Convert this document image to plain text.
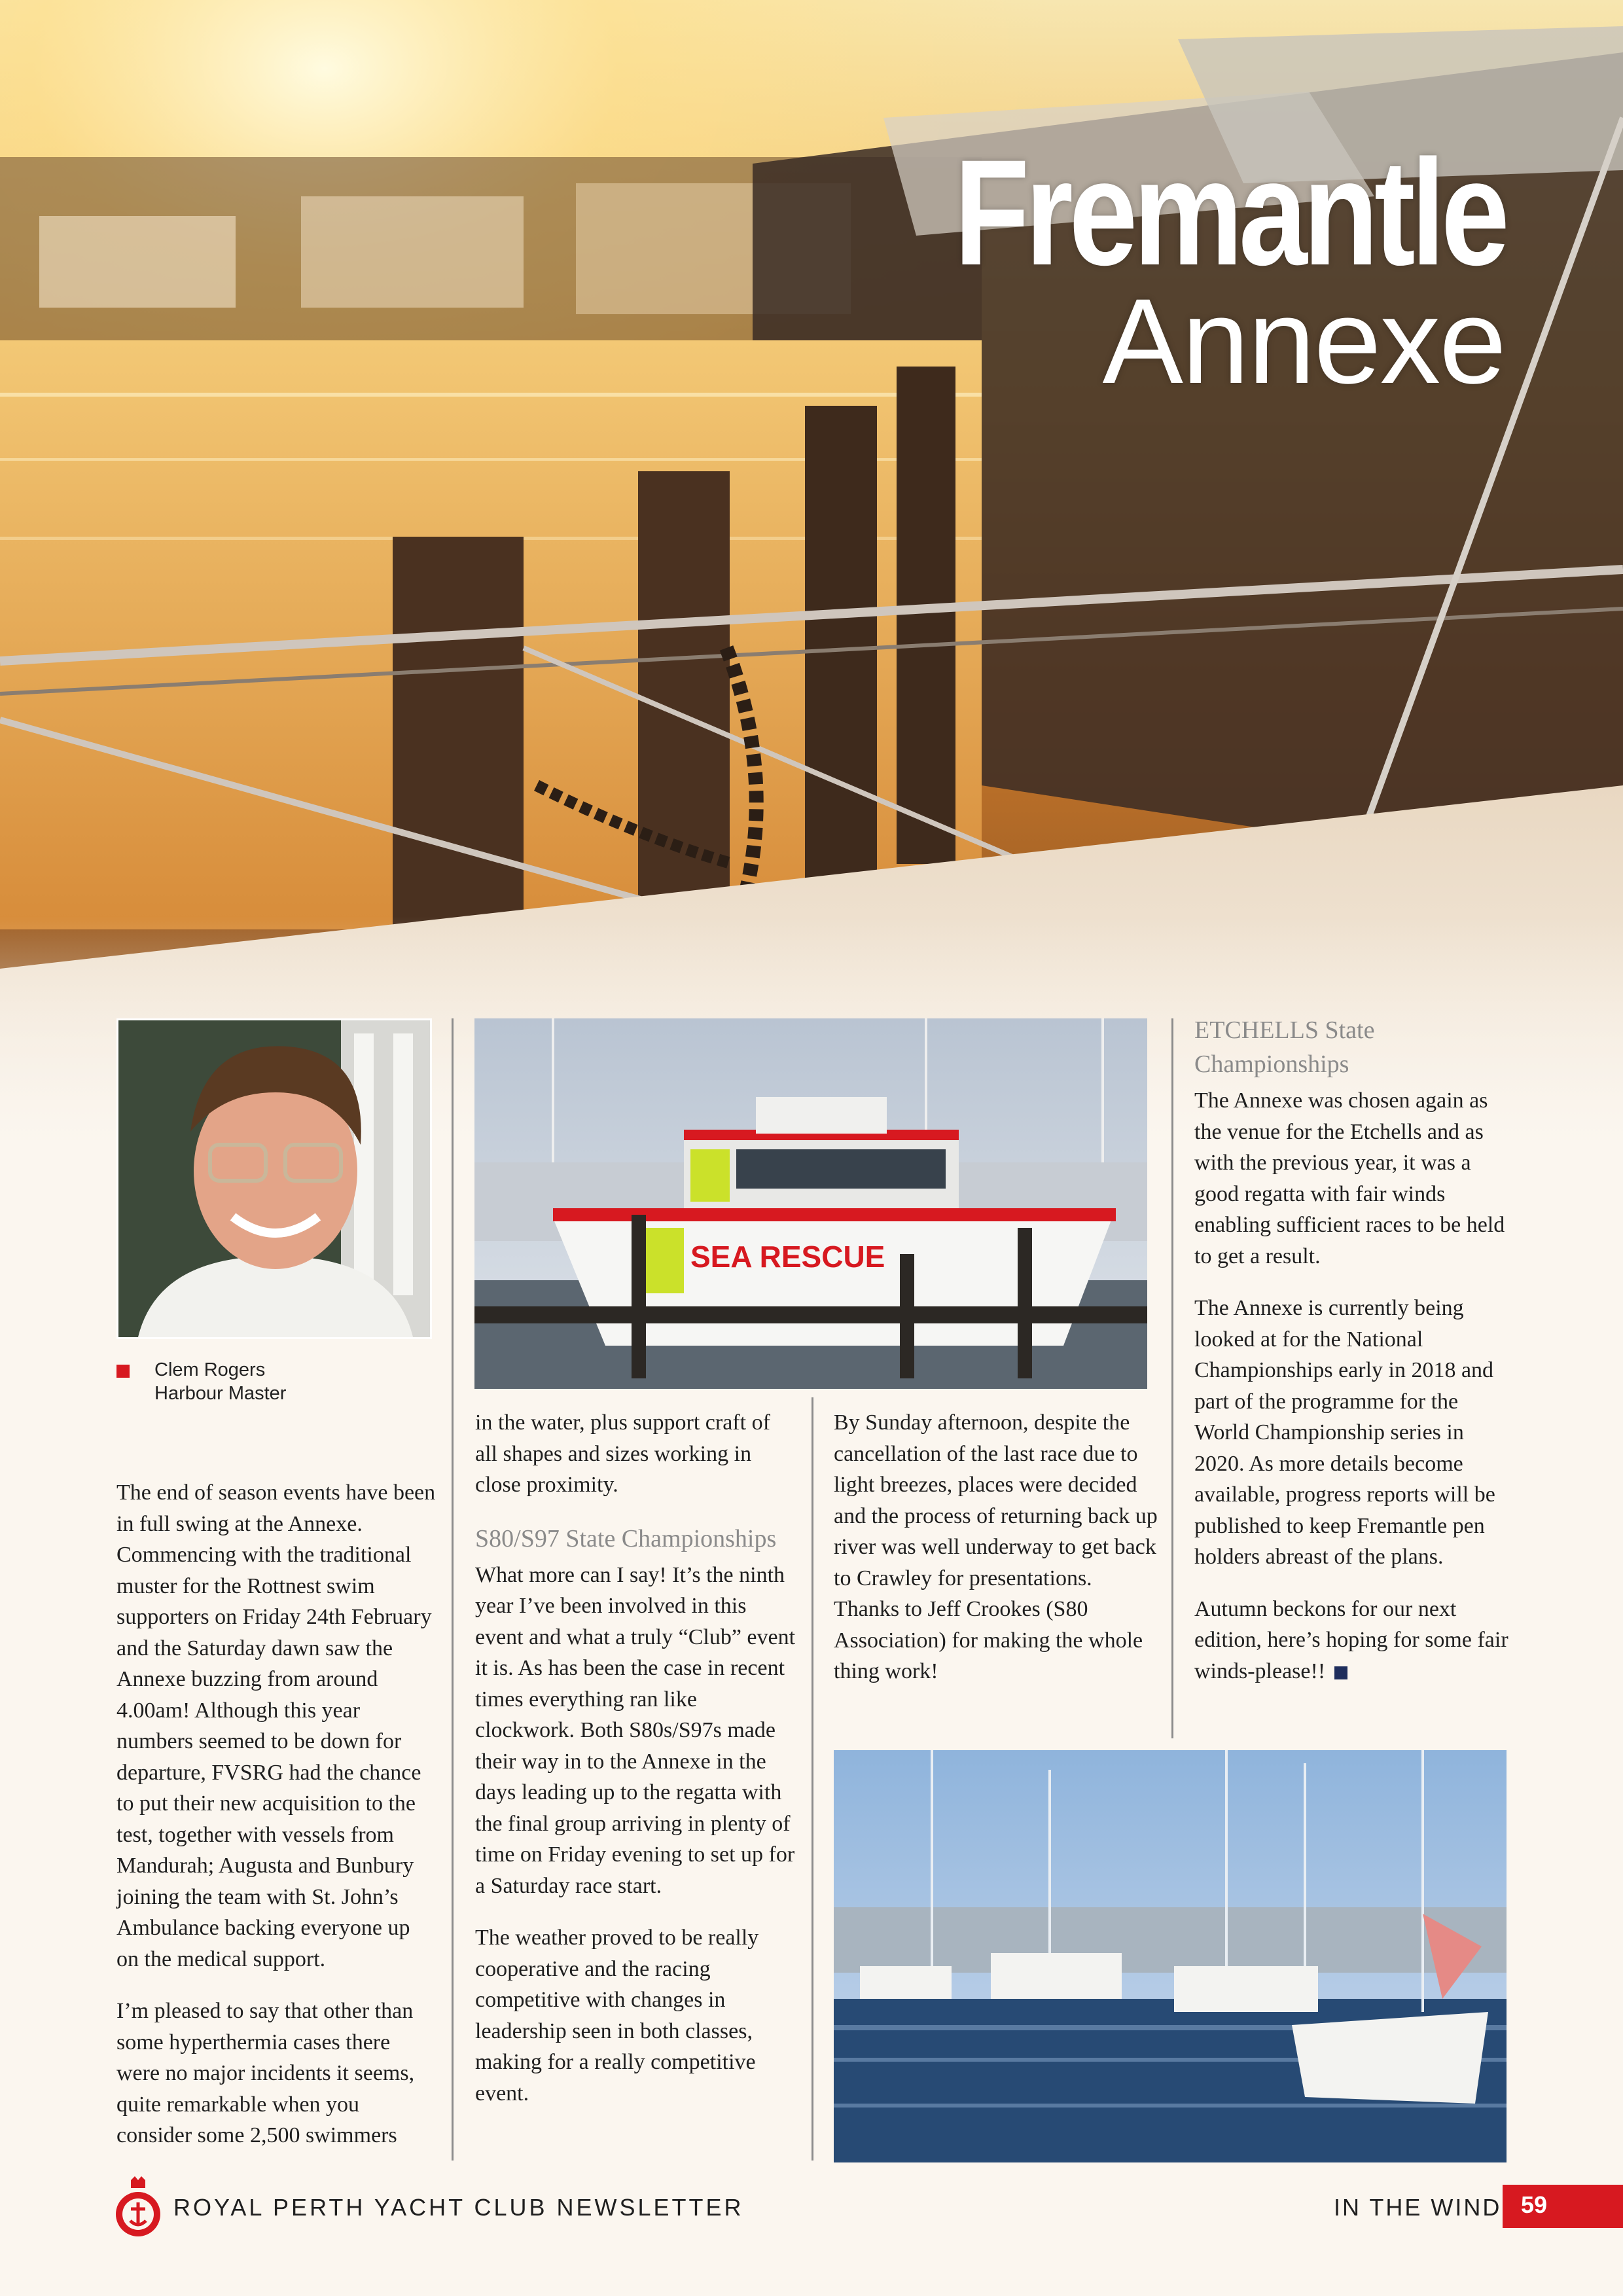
Fremantle
Annexe
Clem Rogers
Harbour Master
SEA RESCUE

The end of season events have been in full swing at the Annexe. Commencing with the traditional muster for the Rottnest swim supporters on Friday 24th February and the Saturday dawn saw the Annexe buzzing from around 4.00am! Although this year numbers seemed to be down for departure, FVSRG had the chance to put their new acquisition to the test, together with vessels from Mandurah; Augusta and Bunbury joining the team with St. John’s Ambulance backing everyone up on the medical support.

I’m pleased to say that other than some hyperthermia cases there were no major incidents it seems, quite remarkable when you consider some 2,500 swimmers

in the water, plus support craft of all shapes and sizes working in close proximity.

S80/S97 State Championships

What more can I say! It’s the ninth year I’ve been involved in this event and what a truly “Club” event it is. As has been the case in recent times everything ran like clockwork. Both S80s/S97s made their way in to the Annexe in the days leading up to the regatta with the final group arriving in plenty of time on Friday evening to set up for a Saturday race start.

The weather proved to be really cooperative and the racing competitive with changes in leadership seen in both classes, making for a really competitive event.

By Sunday afternoon, despite the cancellation of the last race due to light breezes, places were decided and the process of returning back up river was well underway to get back to Crawley for presentations. Thanks to Jeff Crookes (S80 Association) for making the whole thing work!

ETCHELLS State Championships

The Annexe was chosen again as the venue for the Etchells and as with the previous year, it was a good regatta with fair winds enabling sufficient races to be held to get a result.

The Annexe is currently being looked at for the National Championships early in 2018 and part of the programme for the World Championship series in 2020. As more details become available, progress reports will be published to keep Fremantle pen holders abreast of the plans.

Autumn beckons for our next edition, here’s hoping for some fair winds-please!!

ROYAL PERTH YACHT CLUB NEWSLETTER	IN THE WIND 59
